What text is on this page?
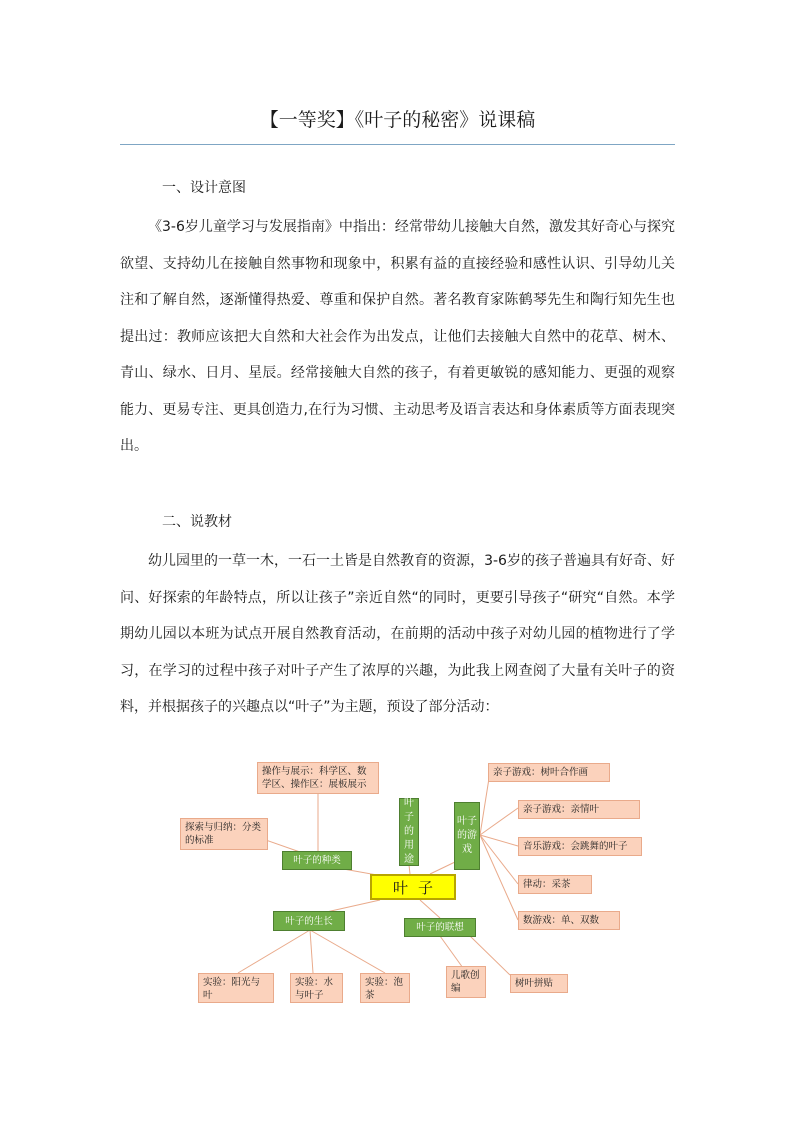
【一等奖】《叶子的秘密》说课稿
一、设计意图

《3-6岁儿童学习与发展指南》中指出：经常带幼儿接触大自然，激发其好奇心与探究欲望、支持幼儿在接触自然事物和现象中，积累有益的直接经验和感性认识、引导幼儿关注和了解自然，逐渐懂得热爱、尊重和保护自然。著名教育家陈鹤琴先生和陶行知先生也提出过：教师应该把大自然和大社会作为出发点，让他们去接触大自然中的花草、树木、青山、绿水、日月、星辰。经常接触大自然的孩子，有着更敏锐的感知能力、更强的观察能力、更易专注、更具创造力,在行为习惯、主动思考及语言表达和身体素质等方面表现突出。

二、说教材

幼儿园里的一草一木，一石一土皆是自然教育的资源，3-6岁的孩子普遍具有好奇、好问、好探索的年龄特点，所以让孩子”亲近自然“的同时，更要引导孩子“研究“自然。本学期幼儿园以本班为试点开展自然教育活动，在前期的活动中孩子对幼儿园的植物进行了学习，在学习的过程中孩子对叶子产生了浓厚的兴趣，为此我上网查阅了大量有关叶子的资料，并根据孩子的兴趣点以“叶子”为主题，预设了部分活动：

操作与展示：科学区、数学区、操作区：展板展示
探索与归纳：分类的标准
叶子的种类
叶子的用途
叶子的游戏
亲子游戏：树叶合作画
亲子游戏：亲情叶
音乐游戏：会跳舞的叶子
律动：采茶
数游戏：单、双数
叶子
叶子的生长
叶子的联想
实验：阳光与叶
实验：水与叶子
实验：泡茶
儿歌创编	树叶拼贴
